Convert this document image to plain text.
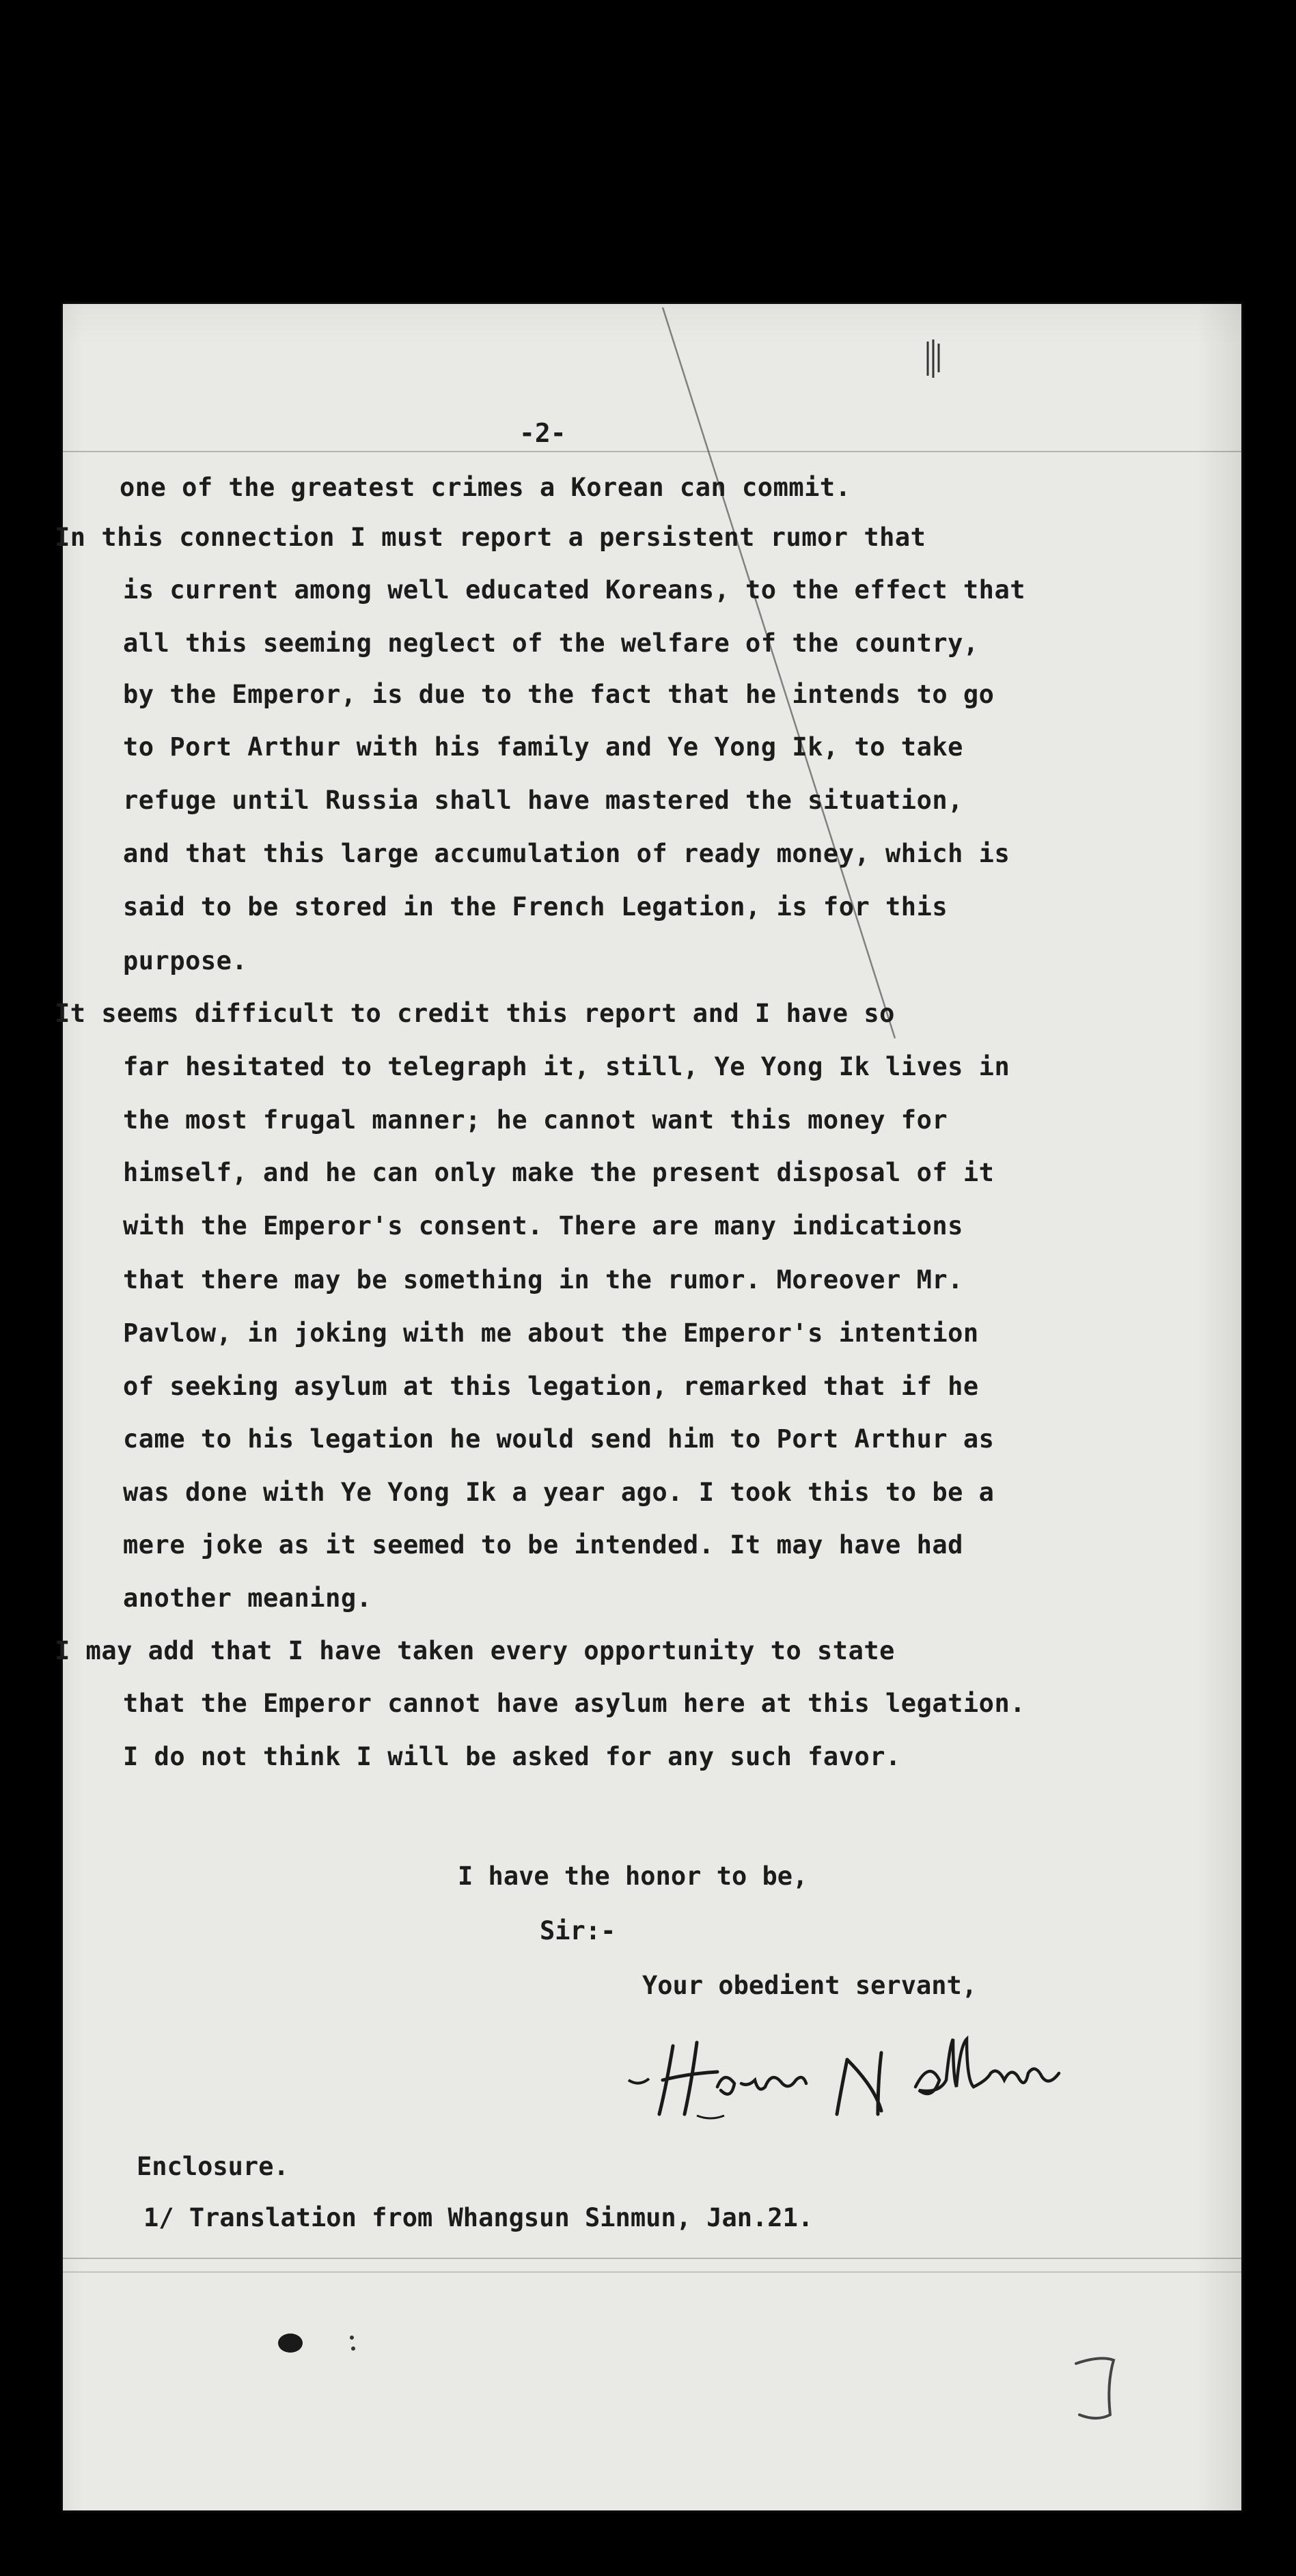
-2-
one of the greatest crimes a Korean can commit.
In this connection I must report a persistent rumor that
is current among well educated Koreans, to the effect that
all this seeming neglect of the welfare of the country,
by the Emperor, is due to the fact that he intends to go
to Port Arthur with his family and Ye Yong Ik, to take
refuge until Russia shall have mastered the situation,
and that this large accumulation of ready money, which is
said to be stored in the French Legation, is for this
purpose.
It seems difficult to credit this report and I have so
far hesitated to telegraph it, still, Ye Yong Ik lives in
the most frugal manner; he cannot want this money for
himself, and he can only make the present disposal of it
with the Emperor's consent. There are many indications
that there may be something in the rumor. Moreover Mr.
Pavlow, in joking with me about the Emperor's intention
of seeking asylum at this legation, remarked that if he
came to his legation he would send him to Port Arthur as
was done with Ye Yong Ik a year ago. I took this to be a
mere joke as it seemed to be intended. It may have had
another meaning.
I may add that I have taken every opportunity to state
that the Emperor cannot have asylum here at this legation.
I do not think I will be asked for any such favor.
I have the honor to be,
Sir:-
Your obedient servant,
Enclosure.
1/ Translation from Whangsun Sinmun, Jan.21.
